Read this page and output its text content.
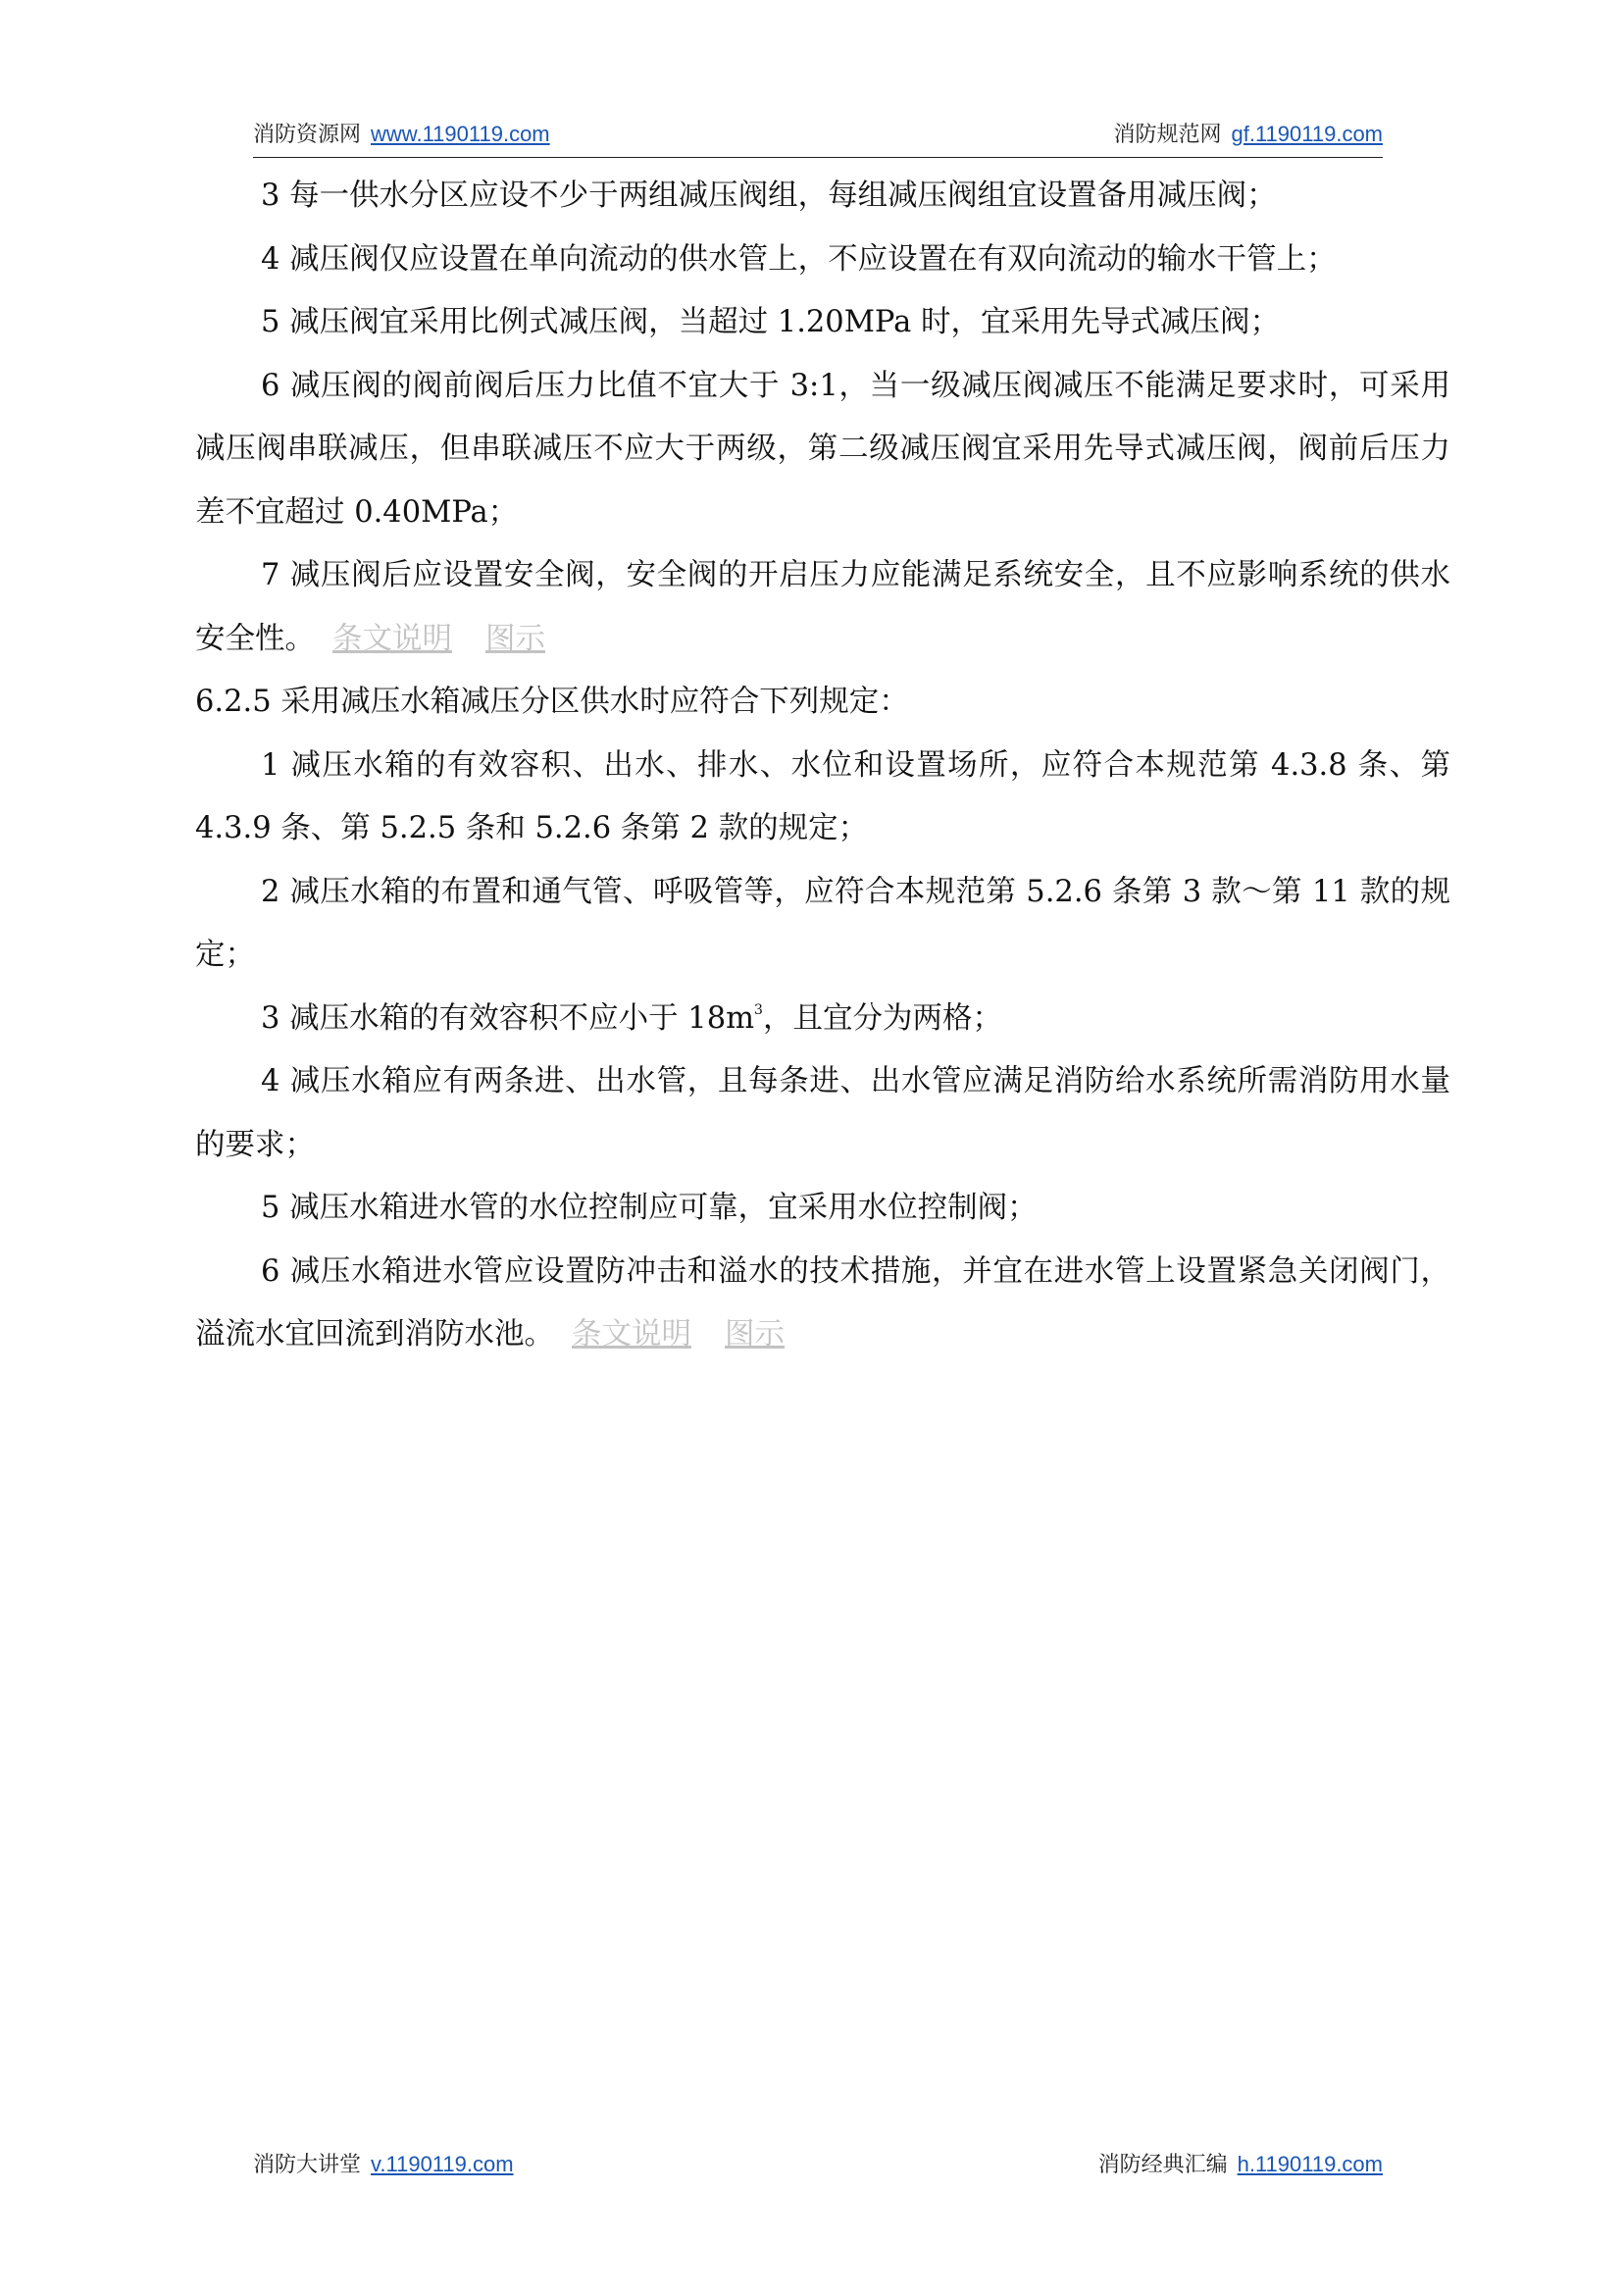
消防资源网 www.1190119.com	消防规范网 gf.1190119.com

3 每一供水分区应设不少于两组减压阀组，每组减压阀组宜设置备用减压阀；

4 减压阀仅应设置在单向流动的供水管上，不应设置在有双向流动的输水干管上；

5 减压阀宜采用比例式减压阀，当超过 1.20MPa 时，宜采用先导式减压阀；

6 减压阀的阀前阀后压力比值不宜大于 3:1，当一级减压阀减压不能满足要求时，可采用减压阀串联减压，但串联减压不应大于两级，第二级减压阀宜采用先导式减压阀，阀前后压力差不宜超过 0.40MPa；

7 减压阀后应设置安全阀，安全阀的开启压力应能满足系统安全，且不应影响系统的供水安全性。 条文说明 图示

6.2.5 采用减压水箱减压分区供水时应符合下列规定：

1 减压水箱的有效容积、出水、排水、水位和设置场所，应符合本规范第 4.3.8 条、第 4.3.9 条、第 5.2.5 条和 5.2.6 条第 2 款的规定；

2 减压水箱的布置和通气管、呼吸管等，应符合本规范第 5.2.6 条第 3 款～第 11 款的规定；

3 减压水箱的有效容积不应小于 $18m^3$，且宜分为两格；

4 减压水箱应有两条进、出水管，且每条进、出水管应满足消防给水系统所需消防用水量的要求；

5 减压水箱进水管的水位控制应可靠，宜采用水位控制阀；

6 减压水箱进水管应设置防冲击和溢水的技术措施，并宜在进水管上设置紧急关闭阀门，溢流水宜回流到消防水池。 条文说明 图示

消防大讲堂 v.1190119.com	消防经典汇编 h.1190119.com
